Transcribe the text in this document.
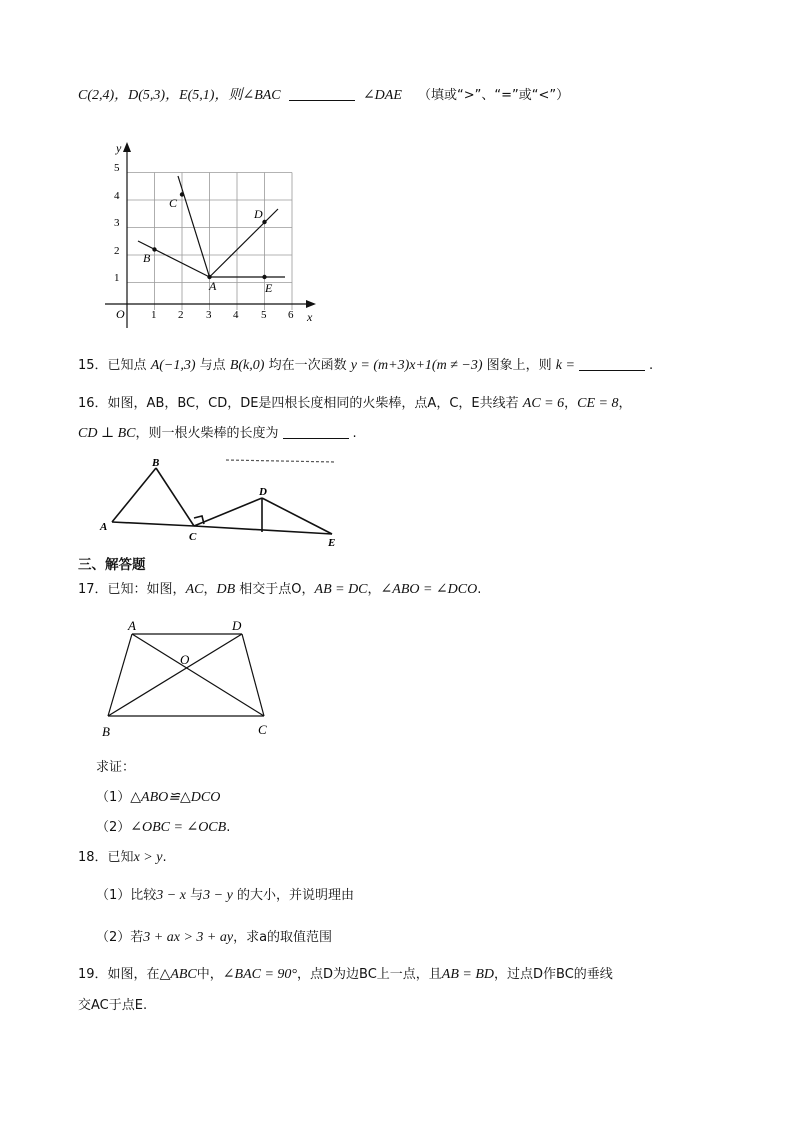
C(2,4)，D(5,3)，E(5,1)，则∠BAC	∠DAE （填或“>”、“=”或“<”）
y
x
O 1 2 3 4 5 6
1
2
3
4
5
A
B
C
D
E
15．已知点 A(−1,3) 与点 B(k,0) 均在一次函数 y = (m+3)x+1(m ≠ −3) 图象上，则 k =	.
16．如图，AB，BC，CD，DE是四根长度相同的火柴棒，点A，C，E共线若 AC = 6，CE = 8，
CD ⊥ BC，则一根火柴棒的长度为	.
A
B
C
D
E
三、解答题
17．已知：如图，AC，DB 相交于点O，AB = DC，∠ABO = ∠DCO.
A	D
O
B	C
求证：
（1）△ABO≌△DCO
（2）∠OBC = ∠OCB.
18．已知x > y.
（1）比较3 − x 与3 − y 的大小，并说明理由
（2）若3 + ax > 3 + ay，求a的取值范围
19．如图，在△ABC中，∠BAC = 90°，点D为边BC上一点，且AB = BD，过点D作BC的垂线
交AC于点E.
